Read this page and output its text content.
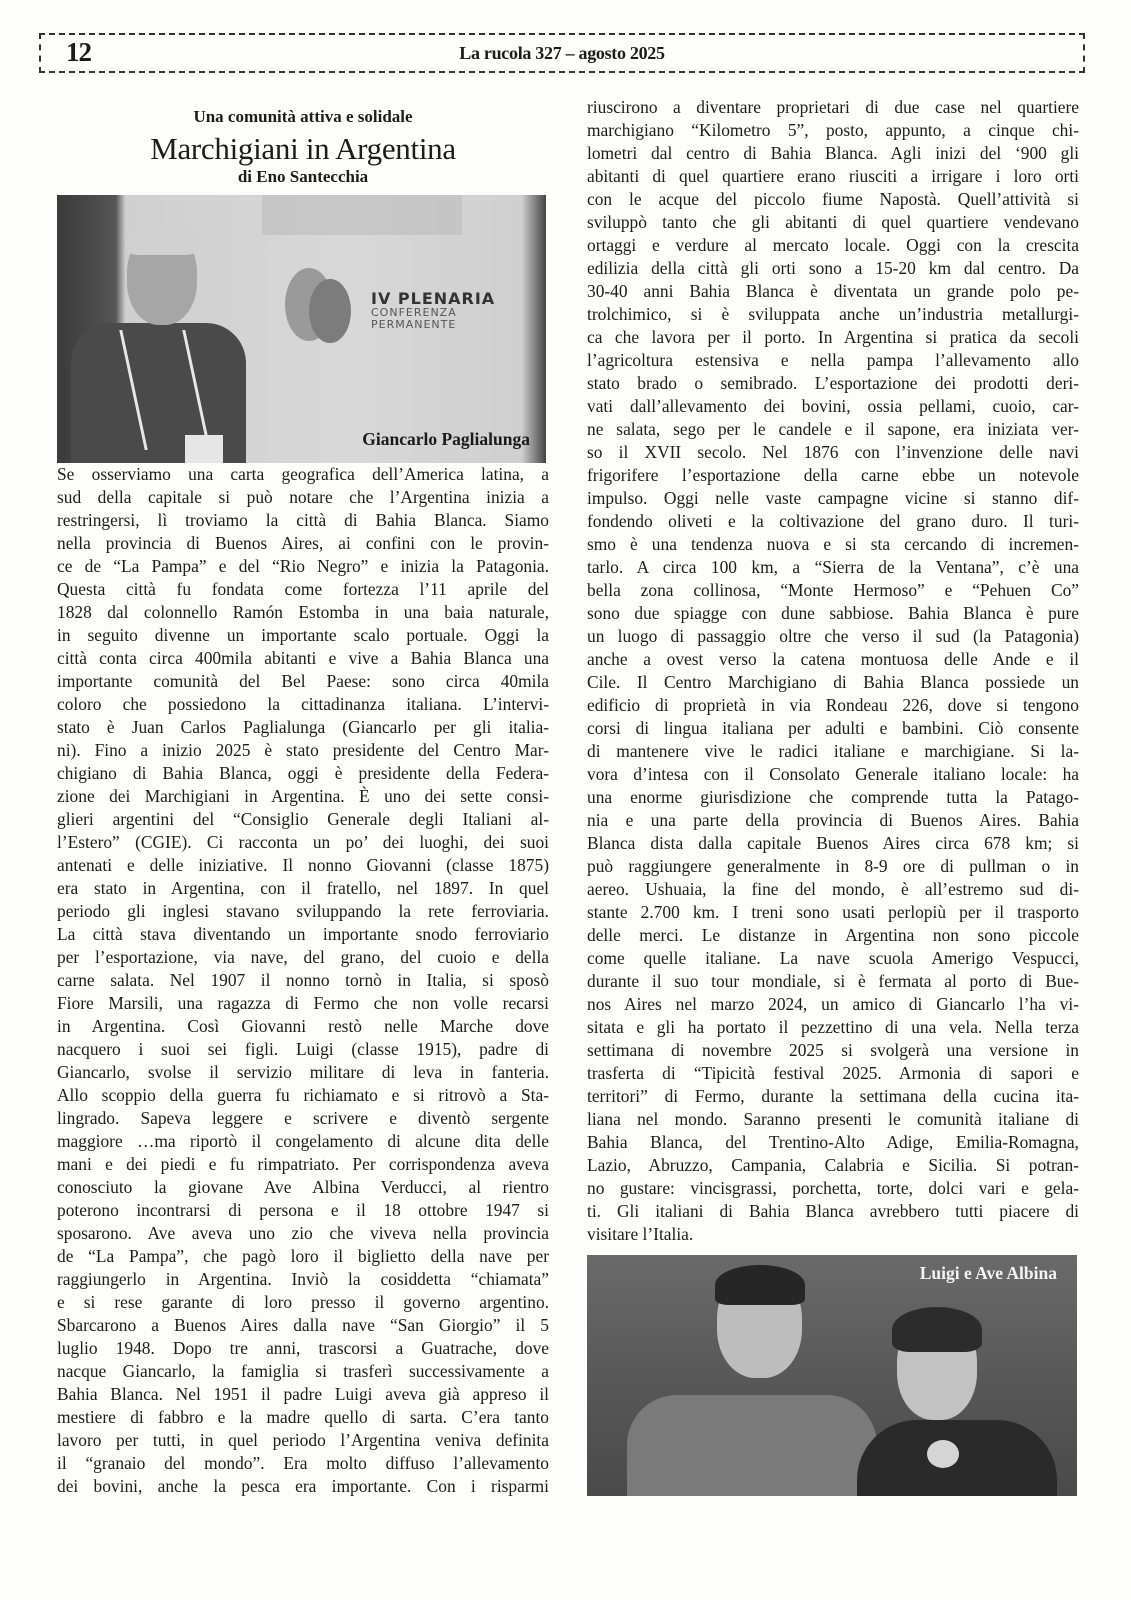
12	La rucola 327 – agosto 2025
Una comunità attiva e solidale
Marchigiani in Argentina
di Eno Santecchia
IV PLENARIA
CONFERENZA
PERMANENTE
Giancarlo Paglialunga
Se osserviamo una carta geografica dell’America latina, a
sud della capitale si può notare che l’Argentina inizia a
restringersi, lì troviamo la città di Bahia Blanca. Siamo
nella provincia di Buenos Aires, ai confini con le provin-
ce de “La Pampa” e del “Rio Negro” e inizia la Patagonia.
Questa città fu fondata come fortezza l’11 aprile del
1828 dal colonnello Ramón Estomba in una baia naturale,
in seguito divenne un importante scalo portuale. Oggi la
città conta circa 400mila abitanti e vive a Bahia Blanca una
importante comunità del Bel Paese: sono circa 40mila
coloro che possiedono la cittadinanza italiana. L’intervi-
stato è Juan Carlos Paglialunga (Giancarlo per gli italia-
ni). Fino a inizio 2025 è stato presidente del Centro Mar-
chigiano di Bahia Blanca, oggi è presidente della Federa-
zione dei Marchigiani in Argentina. È uno dei sette consi-
glieri argentini del “Consiglio Generale degli Italiani al-
l’Estero” (CGIE). Ci racconta un po’ dei luoghi, dei suoi
antenati e delle iniziative. Il nonno Giovanni (classe 1875)
era stato in Argentina, con il fratello, nel 1897. In quel
periodo gli inglesi stavano sviluppando la rete ferroviaria.
La città stava diventando un importante snodo ferroviario
per l’esportazione, via nave, del grano, del cuoio e della
carne salata. Nel 1907 il nonno tornò in Italia, si sposò
Fiore Marsili, una ragazza di Fermo che non volle recarsi
in Argentina. Così Giovanni restò nelle Marche dove
nacquero i suoi sei figli. Luigi (classe 1915), padre di
Giancarlo, svolse il servizio militare di leva in fanteria.
Allo scoppio della guerra fu richiamato e si ritrovò a Sta-
lingrado. Sapeva leggere e scrivere e diventò sergente
maggiore …ma riportò il congelamento di alcune dita delle
mani e dei piedi e fu rimpatriato. Per corrispondenza aveva
conosciuto la giovane Ave Albina Verducci, al rientro
poterono incontrarsi di persona e il 18 ottobre 1947 si
sposarono. Ave aveva uno zio che viveva nella provincia
de “La Pampa”, che pagò loro il biglietto della nave per
raggiungerlo in Argentina. Inviò la cosiddetta “chiamata”
e si rese garante di loro presso il governo argentino.
Sbarcarono a Buenos Aires dalla nave “San Giorgio” il 5
luglio 1948. Dopo tre anni, trascorsi a Guatrache, dove
nacque Giancarlo, la famiglia si trasferì successivamente a
Bahia Blanca. Nel 1951 il padre Luigi aveva già appreso il
mestiere di fabbro e la madre quello di sarta. C’era tanto
lavoro per tutti, in quel periodo l’Argentina veniva definita
il “granaio del mondo”. Era molto diffuso l’allevamento
dei bovini, anche la pesca era importante. Con i risparmi
riuscirono a diventare proprietari di due case nel quartiere
marchigiano “Kilometro 5”, posto, appunto, a cinque chi-
lometri dal centro di Bahia Blanca. Agli inizi del ‘900 gli
abitanti di quel quartiere erano riusciti a irrigare i loro orti
con le acque del piccolo fiume Napostà. Quell’attività si
sviluppò tanto che gli abitanti di quel quartiere vendevano
ortaggi e verdure al mercato locale. Oggi con la crescita
edilizia della città gli orti sono a 15-20 km dal centro. Da
30-40 anni Bahia Blanca è diventata un grande polo pe-
trolchimico, si è sviluppata anche un’industria metallurgi-
ca che lavora per il porto. In Argentina si pratica da secoli
l’agricoltura estensiva e nella pampa l’allevamento allo
stato brado o semibrado. L’esportazione dei prodotti deri-
vati dall’allevamento dei bovini, ossia pellami, cuoio, car-
ne salata, sego per le candele e il sapone, era iniziata ver-
so il XVII secolo. Nel 1876 con l’invenzione delle navi
frigorifere l’esportazione della carne ebbe un notevole
impulso. Oggi nelle vaste campagne vicine si stanno dif-
fondendo oliveti e la coltivazione del grano duro. Il turi-
smo è una tendenza nuova e si sta cercando di incremen-
tarlo. A circa 100 km, a “Sierra de la Ventana”, c’è una
bella zona collinosa, “Monte Hermoso” e “Pehuen Co”
sono due spiagge con dune sabbiose. Bahia Blanca è pure
un luogo di passaggio oltre che verso il sud (la Patagonia)
anche a ovest verso la catena montuosa delle Ande e il
Cile. Il Centro Marchigiano di Bahia Blanca possiede un
edificio di proprietà in via Rondeau 226, dove si tengono
corsi di lingua italiana per adulti e bambini. Ciò consente
di mantenere vive le radici italiane e marchigiane. Si la-
vora d’intesa con il Consolato Generale italiano locale: ha
una enorme giurisdizione che comprende tutta la Patago-
nia e una parte della provincia di Buenos Aires. Bahia
Blanca dista dalla capitale Buenos Aires circa 678 km; si
può raggiungere generalmente in 8-9 ore di pullman o in
aereo. Ushuaia, la fine del mondo, è all’estremo sud di-
stante 2.700 km. I treni sono usati perlopiù per il trasporto
delle merci. Le distanze in Argentina non sono piccole
come quelle italiane. La nave scuola Amerigo Vespucci,
durante il suo tour mondiale, si è fermata al porto di Bue-
nos Aires nel marzo 2024, un amico di Giancarlo l’ha vi-
sitata e gli ha portato il pezzettino di una vela. Nella terza
settimana di novembre 2025 si svolgerà una versione in
trasferta di “Tipicità festival 2025. Armonia di sapori e
territori” di Fermo, durante la settimana della cucina ita-
liana nel mondo. Saranno presenti le comunità italiane di
Bahia Blanca, del Trentino-Alto Adige, Emilia-Romagna,
Lazio, Abruzzo, Campania, Calabria e Sicilia. Si potran-
no gustare: vincisgrassi, porchetta, torte, dolci vari e gela-
ti. Gli italiani di Bahia Blanca avrebbero tutti piacere di
visitare l’Italia.
Luigi e Ave Albina
